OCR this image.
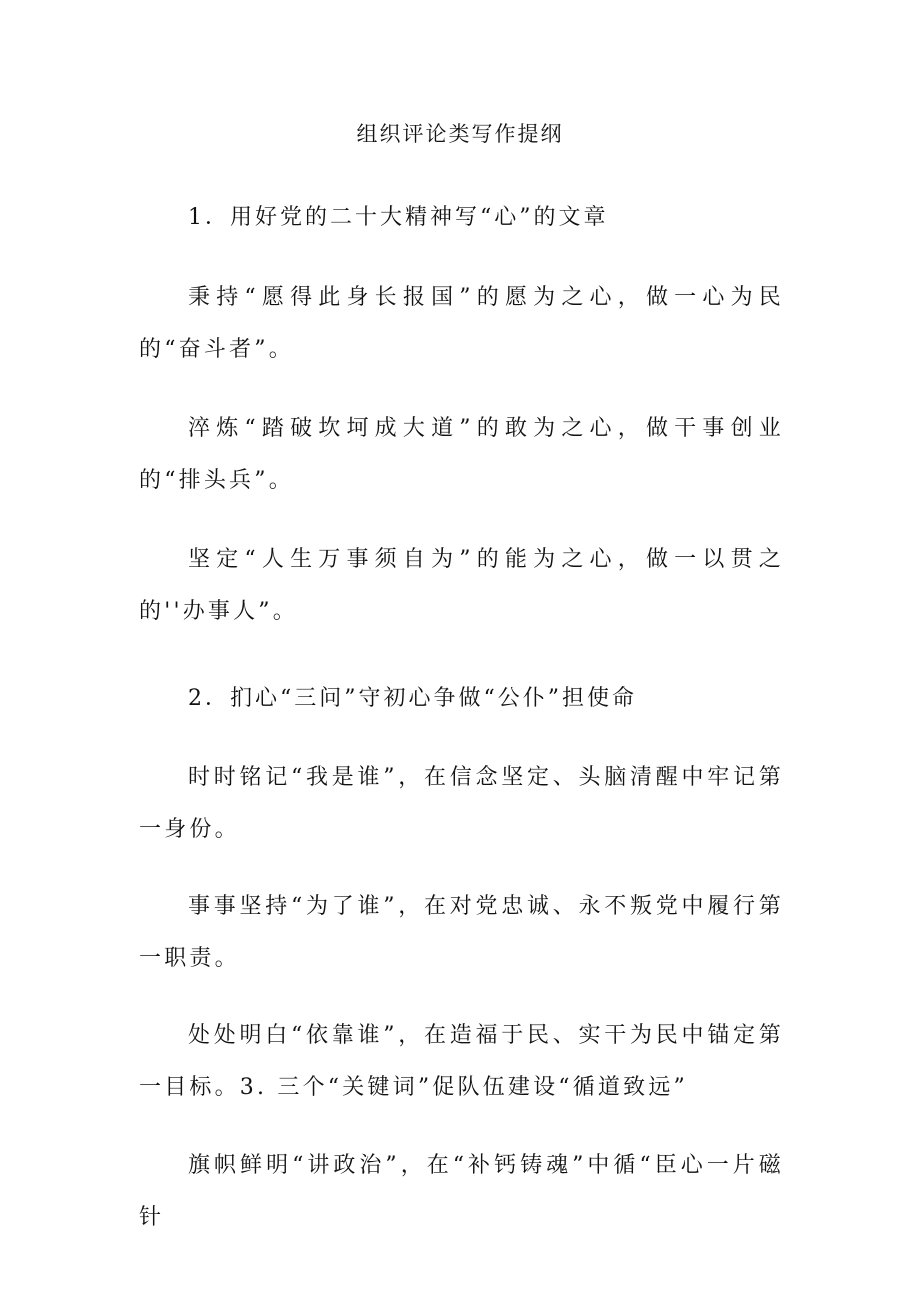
组织评论类写作提纲
1．用好党的二十大精神写“心”的文章
秉持“愿得此身长报国”的愿为之心，做一心为民的“奋斗者”。
淬炼“踏破坎坷成大道”的敢为之心，做干事创业的“排头兵”。
坚定“人生万事须自为”的能为之心，做一以贯之的''办事人”。
2．扪心“三问”守初心争做“公仆”担使命
时时铭记“我是谁”，在信念坚定、头脑清醒中牢记第一身份。
事事坚持“为了谁”，在对党忠诚、永不叛党中履行第一职责。
处处明白“依靠谁”，在造福于民、实干为民中锚定第一目标。3. 三个“关键词”促队伍建设“循道致远”
旗帜鲜明“讲政治”，在“补钙铸魂”中循“臣心一片磁针
